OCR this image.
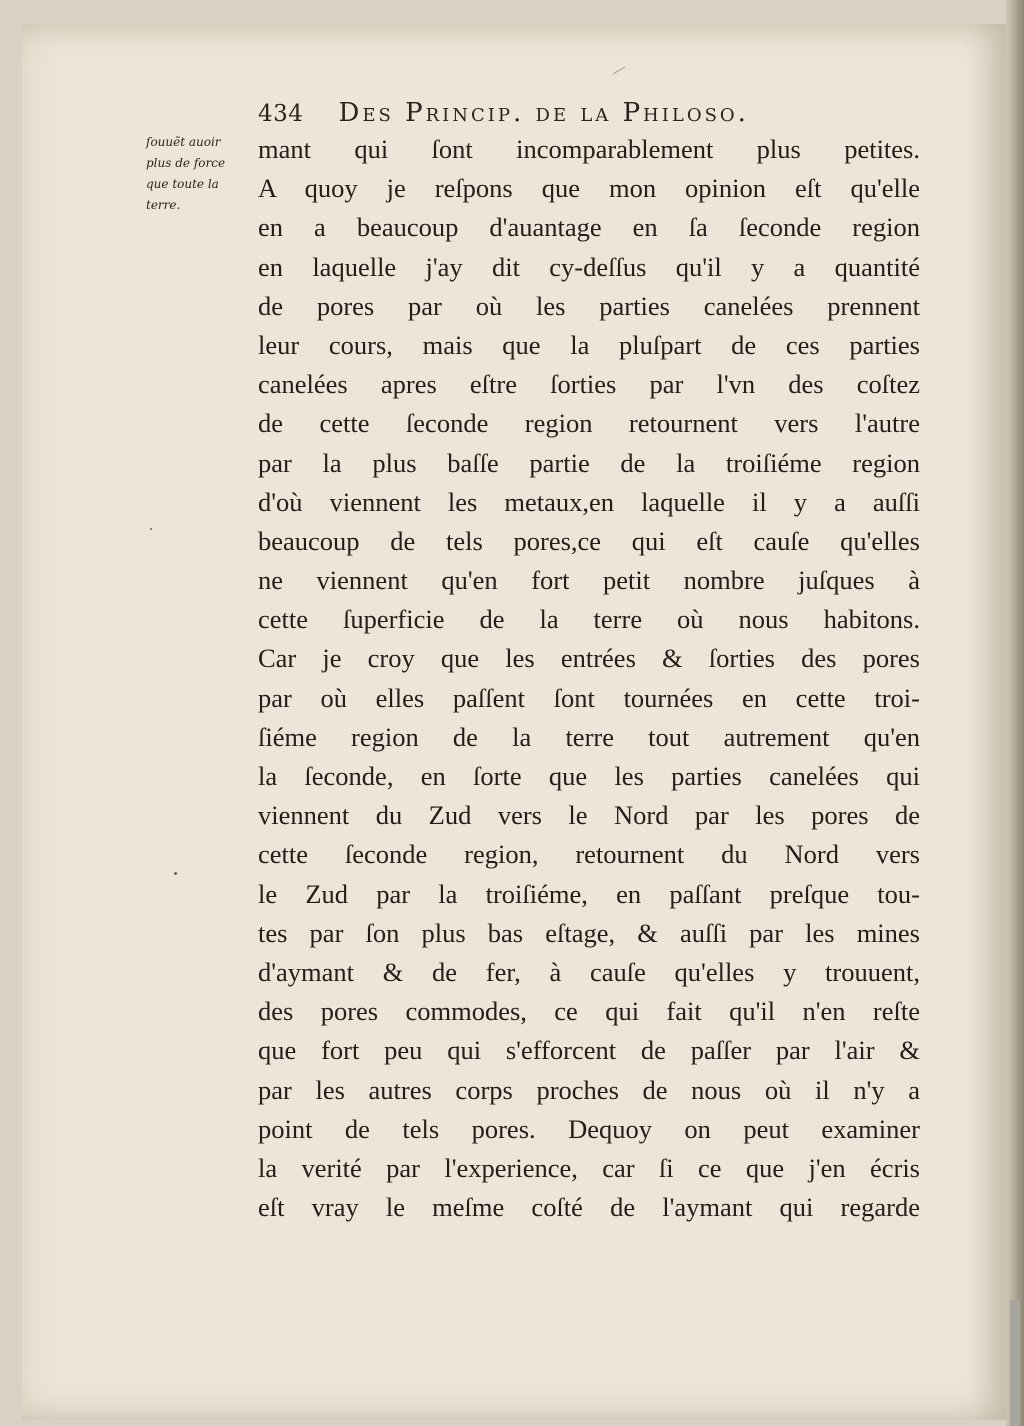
434 Des Princip. de la Philoso.
ſouuẽt auoir
plus de force
que toute la
terre.
mant qui ſont incomparablement plus petites.
A quoy je reſpons que mon opinion eſt qu'elle
en a beaucoup d'auantage en ſa ſeconde region
en laquelle j'ay dit cy-deſſus qu'il y a quantité
de pores par où les parties canelées prennent
leur cours, mais que la pluſpart de ces parties
canelées apres eſtre ſorties par l'vn des coſtez
de cette ſeconde region retournent vers l'autre
par la plus baſſe partie de la troiſiéme region
d'où viennent les metaux,en laquelle il y a auſſi
beaucoup de tels pores,ce qui eſt cauſe qu'elles
ne viennent qu'en fort petit nombre juſques à
cette ſuperficie de la terre où nous habitons.
Car je croy que les entrées & ſorties des pores
par où elles paſſent ſont tournées en cette troi-
ſiéme region de la terre tout autrement qu'en
la ſeconde, en ſorte que les parties canelées qui
viennent du Zud vers le Nord par les pores de
cette ſeconde region, retournent du Nord vers
le Zud par la troiſiéme, en paſſant preſque tou-
tes par ſon plus bas eſtage, & auſſi par les mines
d'aymant & de fer, à cauſe qu'elles y trouuent,
des pores commodes, ce qui fait qu'il n'en reſte
que fort peu qui s'efforcent de paſſer par l'air &
par les autres corps proches de nous où il n'y a
point de tels pores. Dequoy on peut examiner
la verité par l'experience, car ſi ce que j'en écris
eſt vray le meſme coſté de l'aymant qui regarde
